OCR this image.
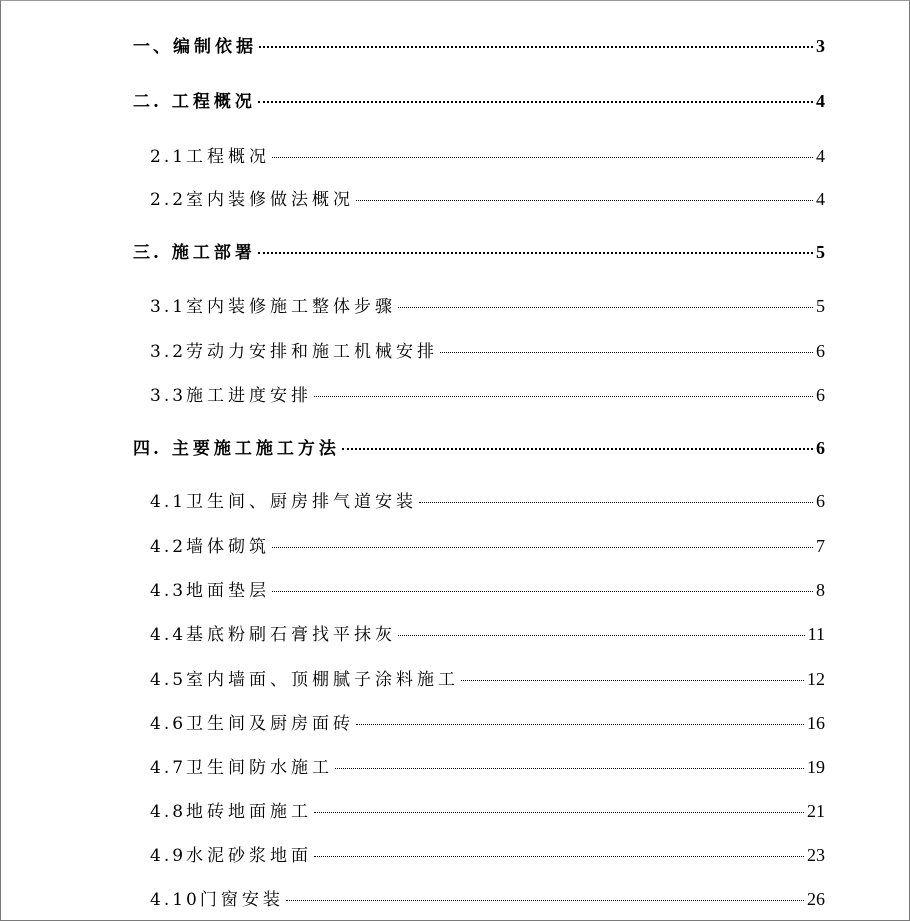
一、编制依据	3
二. 工程概况	4
2.1工程概况	4
2.2室内装修做法概况	4
三. 施工部署	5
3.1室内装修施工整体步骤	5
3.2劳动力安排和施工机械安排	6
3.3施工进度安排	6
四. 主要施工施工方法	6
4.1卫生间、厨房排气道安装	6
4.2墙体砌筑	7
4.3地面垫层	8
4.4基底粉刷石膏找平抹灰	11
4.5室内墙面、顶棚腻子涂料施工	12
4.6卫生间及厨房面砖	16
4.7卫生间防水施工	19
4.8地砖地面施工	21
4.9水泥砂浆地面	23
4.10门窗安装	26
